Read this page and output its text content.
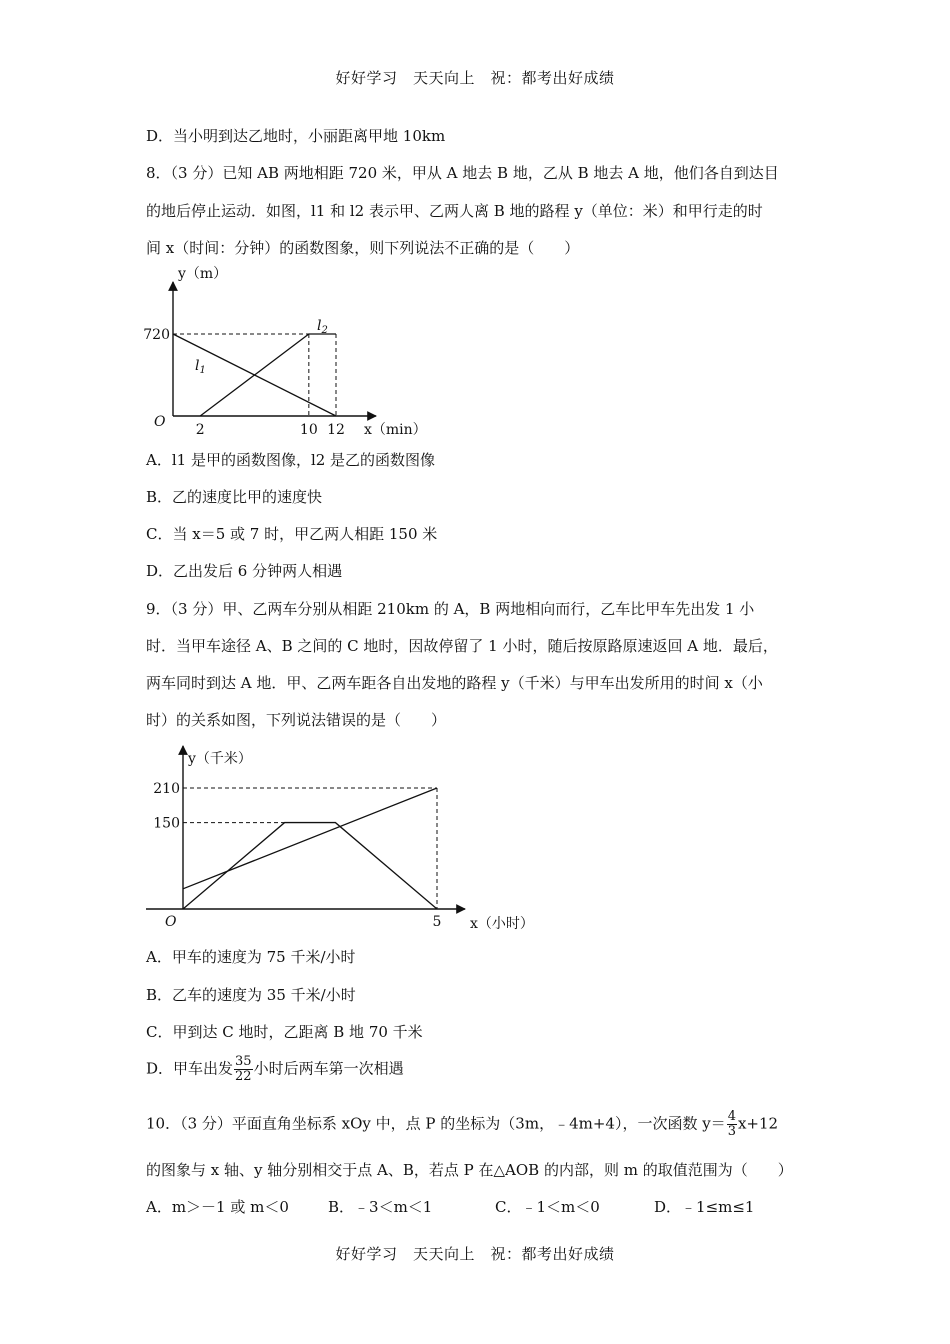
好好学习　天天向上　祝：都考出好成绩
D．当小明到达乙地时，小丽距离甲地 10km
8．（3 分）已知 AB 两地相距 720 米，甲从 A 地去 B 地，乙从 B 地去 A 地，他们各自到达目
的地后停止运动．如图，l1 和 l2 表示甲、乙两人离 B 地的路程 y（单位：米）和甲行走的时
间 x（时间：分钟）的函数图象，则下列说法不正确的是（　　）
2	10 12
720
y（m）
x（min）
O
$l_1$
$l_2$
A．l1 是甲的函数图像，l2 是乙的函数图像
B．乙的速度比甲的速度快
C．当 x＝5 或 7 时，甲乙两人相距 150 米
D．乙出发后 6 分钟两人相遇
9．（3 分）甲、乙两车分别从相距 210km 的 A，B 两地相向而行，乙车比甲车先出发 1 小
时．当甲车途径 A、B 之间的 C 地时，因故停留了 1 小时，随后按原路原速返回 A 地．最后，
两车同时到达 A 地．甲、乙两车距各自出发地的路程 y（千米）与甲车出发所用的时间 x（小
时）的关系如图，下列说法错误的是（　　）
5
210
150
y（千米）
x（小时）
O
A．甲车的速度为 75 千米/小时
B．乙车的速度为 35 千米/小时
C．甲到达 C 地时，乙距离 B 地 70 千米
D．甲车出发 $\frac{35}{22}$ 小时后两车第一次相遇
10．（3 分）平面直角坐标系 xOy 中，点 P 的坐标为（3m，﹣4m+4），一次函数 $y= \frac{4}{3} x+12$
的图象与 x 轴、y 轴分别相交于点 A、B，若点 P 在△AOB 的内部，则 m 的取值范围为（　　）
A．m＞－1 或 m＜0	B．﹣3＜m＜1	C．﹣1＜m＜0	D．﹣1≤m≤1
好好学习　天天向上　祝：都考出好成绩
